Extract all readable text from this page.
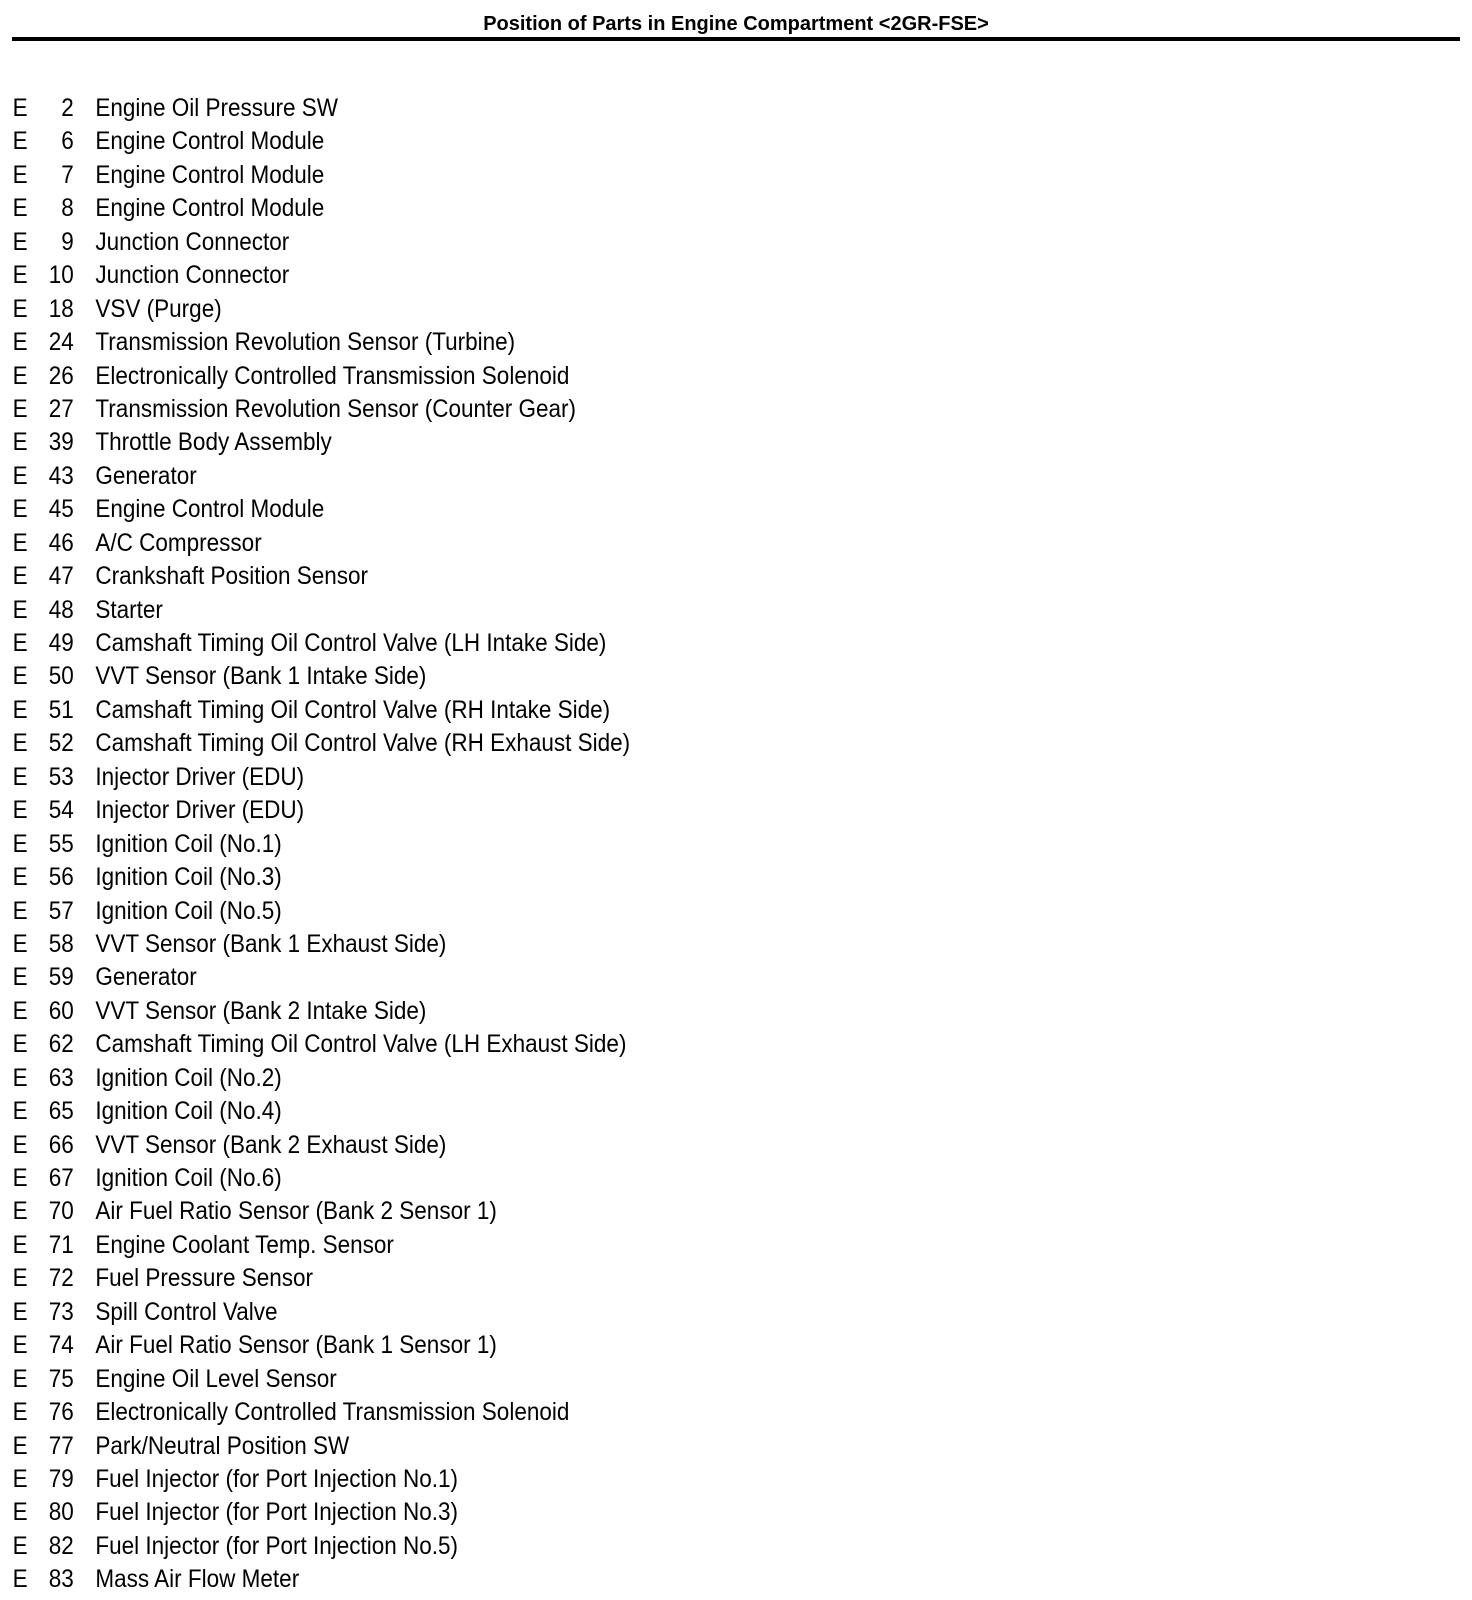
Position of Parts in Engine Compartment <2GR-FSE>
E	2 Engine Oil Pressure SW
E	6 Engine Control Module
E	7 Engine Control Module
E	8 Engine Control Module
E	9 Junction Connector
E 10 Junction Connector
E 18 VSV (Purge)
E 24 Transmission Revolution Sensor (Turbine)
E 26 Electronically Controlled Transmission Solenoid
E 27 Transmission Revolution Sensor (Counter Gear)
E 39 Throttle Body Assembly
E 43 Generator
E 45 Engine Control Module
E 46 A/C Compressor
E 47 Crankshaft Position Sensor
E 48 Starter
E 49 Camshaft Timing Oil Control Valve (LH Intake Side)
E 50 VVT Sensor (Bank 1 Intake Side)
E 51 Camshaft Timing Oil Control Valve (RH Intake Side)
E 52 Camshaft Timing Oil Control Valve (RH Exhaust Side)
E 53 Injector Driver (EDU)
E 54 Injector Driver (EDU)
E 55 Ignition Coil (No.1)
E 56 Ignition Coil (No.3)
E 57 Ignition Coil (No.5)
E 58 VVT Sensor (Bank 1 Exhaust Side)
E 59 Generator
E 60 VVT Sensor (Bank 2 Intake Side)
E 62 Camshaft Timing Oil Control Valve (LH Exhaust Side)
E 63 Ignition Coil (No.2)
E 65 Ignition Coil (No.4)
E 66 VVT Sensor (Bank 2 Exhaust Side)
E 67 Ignition Coil (No.6)
E 70 Air Fuel Ratio Sensor (Bank 2 Sensor 1)
E 71 Engine Coolant Temp. Sensor
E 72 Fuel Pressure Sensor
E 73 Spill Control Valve
E 74 Air Fuel Ratio Sensor (Bank 1 Sensor 1)
E 75 Engine Oil Level Sensor
E 76 Electronically Controlled Transmission Solenoid
E 77 Park/Neutral Position SW
E 79 Fuel Injector (for Port Injection No.1)
E 80 Fuel Injector (for Port Injection No.3)
E 82 Fuel Injector (for Port Injection No.5)
E 83 Mass Air Flow Meter
